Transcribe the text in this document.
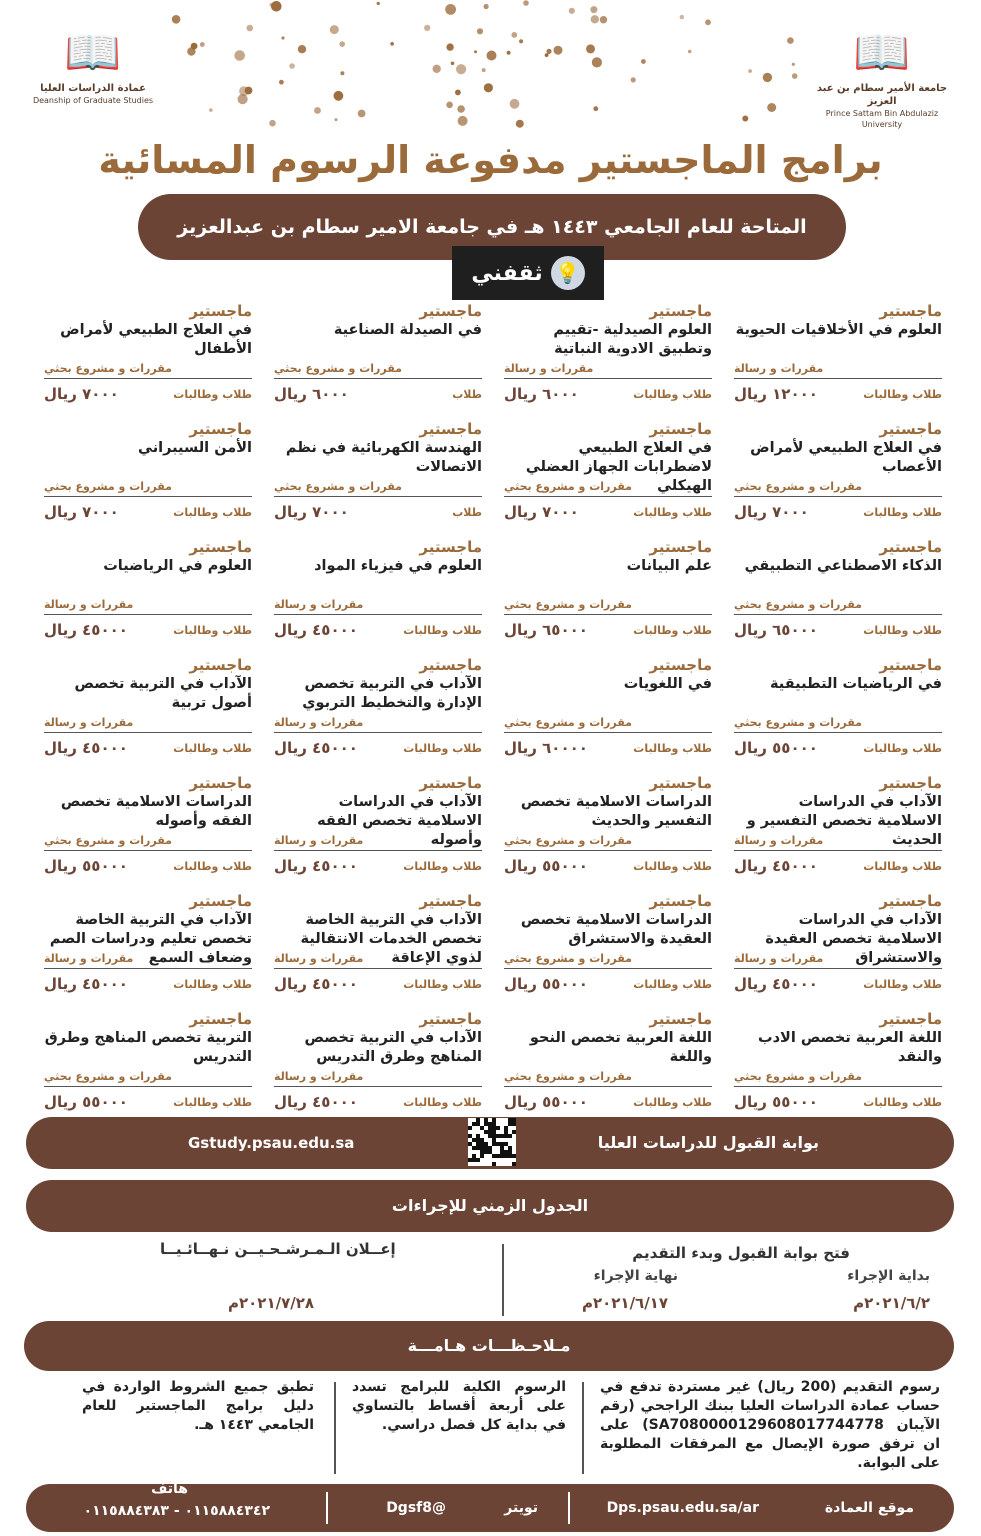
📖
عمادة الدراسات العليا
Deanship of Graduate Studies
📖
جامعة الأمير سطام بن عبد العزيز
Prince Sattam Bin Abdulaziz University
برامج الماجستير مدفوعة الرسوم المسائية
المتاحة للعام الجامعي ١٤٤٣ هـ في جامعة الامير سطام بن عبدالعزيز
💡
ثقفني
ماجستير
العلوم في الأخلاقيات الحيوية
مقررات و رسالة
طلاب وطالبات
١٢٠٠٠ ريال
ماجستير
العلوم الصيدلية -تقييم وتطبيق الادوية النباتية
مقررات و رسالة
طلاب وطالبات
٦٠٠٠ ريال
ماجستير
في الصيدلة الصناعية
مقررات و مشروع بحثي
طلاب
٦٠٠٠ ريال
ماجستير
في العلاج الطبيعي لأمراض الأطفال
مقررات و مشروع بحثي
طلاب وطالبات
٧٠٠٠ ريال
ماجستير
في العلاج الطبيعي لأمراض الأعصاب
مقررات و مشروع بحثي
طلاب وطالبات
٧٠٠٠ ريال
ماجستير
في العلاج الطبيعي لاضطرابات الجهاز العضلي الهيكلي
مقررات و مشروع بحثي
طلاب وطالبات
٧٠٠٠ ريال
ماجستير
الهندسة الكهربائية في نظم الاتصالات
مقررات و مشروع بحثي
طلاب
٧٠٠٠ ريال
ماجستير
الأمن السيبراني
مقررات و مشروع بحثي
طلاب وطالبات
٧٠٠٠ ريال
ماجستير
الذكاء الاصطناعي التطبيقي
مقررات و مشروع بحثي
طلاب وطالبات
٦٥٠٠٠ ريال
ماجستير
علم البيانات
مقررات و مشروع بحثي
طلاب وطالبات
٦٥٠٠٠ ريال
ماجستير
العلوم في فيزياء المواد
مقررات و رسالة
طلاب وطالبات
٤٥٠٠٠ ريال
ماجستير
العلوم في الرياضيات
مقررات و رسالة
طلاب وطالبات
٤٥٠٠٠ ريال
ماجستير
في الرياضيات التطبيقية
مقررات و مشروع بحثي
طلاب وطالبات
٥٥٠٠٠ ريال
ماجستير
في اللغويات
مقررات و مشروع بحثي
طلاب وطالبات
٦٠٠٠٠ ريال
ماجستير
الآداب في التربية تخصص الإدارة والتخطيط التربوي
مقررات و رسالة
طلاب وطالبات
٤٥٠٠٠ ريال
ماجستير
الآداب في التربية تخصص أصول تربية
مقررات و رسالة
طلاب وطالبات
٤٥٠٠٠ ريال
ماجستير
الآداب في الدراسات الاسلامية تخصص التفسير و الحديث
مقررات و رسالة
طلاب وطالبات
٤٥٠٠٠ ريال
ماجستير
الدراسات الاسلامية تخصص التفسير والحديث
مقررات و مشروع بحثي
طلاب وطالبات
٥٥٠٠٠ ريال
ماجستير
الآداب في الدراسات الاسلامية تخصص الفقه وأصوله
مقررات و رسالة
طلاب وطالبات
٤٥٠٠٠ ريال
ماجستير
الدراسات الاسلامية تخصص الفقه وأصوله
مقررات و مشروع بحثي
طلاب وطالبات
٥٥٠٠٠ ريال
ماجستير
الآداب في الدراسات الاسلامية تخصص العقيدة والاستشراق
مقررات و رسالة
طلاب وطالبات
٤٥٠٠٠ ريال
ماجستير
الدراسات الاسلامية تخصص العقيدة والاستشراق
مقررات و مشروع بحثي
طلاب وطالبات
٥٥٠٠٠ ريال
ماجستير
الآداب في التربية الخاصة تخصص الخدمات الانتقالية لذوي الإعاقة
مقررات و رسالة
طلاب وطالبات
٤٥٠٠٠ ريال
ماجستير
الآداب في التربية الخاصة تخصص تعليم ودراسات الصم وضعاف السمع
مقررات و رسالة
طلاب وطالبات
٤٥٠٠٠ ريال
ماجستير
اللغة العربية تخصص الادب والنقد
مقررات و مشروع بحثي
طلاب وطالبات
٥٥٠٠٠ ريال
ماجستير
اللغة العربية تخصص النحو واللغة
مقررات و مشروع بحثي
طلاب وطالبات
٥٥٠٠٠ ريال
ماجستير
الآداب في التربية تخصص المناهج وطرق التدريس
مقررات و رسالة
طلاب وطالبات
٤٥٠٠٠ ريال
ماجستير
التربية تخصص المناهج وطرق التدريس
مقررات و مشروع بحثي
طلاب وطالبات
٥٥٠٠٠ ريال
بوابة القبول للدراسات العليا
Gstudy.psau.edu.sa
الجدول الزمني للإجراءات
فتح بوابة القبول وبدء التقديم
بداية الإجراء
نهاية الإجراء
٢٠٢١/٦/٢م
٢٠٢١/٦/١٧م
إعــلان الـمـرشـحـيــن نـهــائـيــا
٢٠٢١/٧/٢٨م
مـلاحـظـــات هـامـــة
رسوم التقديم (200 ريال) غير مستردة تدفع في حساب عمادة الدراسات العليا ببنك الراجحي (رقم الآيبان SA7080000129608017744778) على ان ترفق صورة الإيصال مع المرفقات المطلوبة على البوابة.
الرسوم الكلية للبرامج تسدد على أربعة أقساط بالتساوي في بداية كل فصل دراسي.
تطبق جميع الشروط الواردة في دليل برامج الماجستير للعام الجامعي ١٤٤٣ هـ.
موقع العمادة
Dps.psau.edu.sa/ar
تويتر
@Dgsf8
هاتف
٠١١٥٨٨٤٣٤٢ - ٠١١٥٨٨٤٣٨٣
